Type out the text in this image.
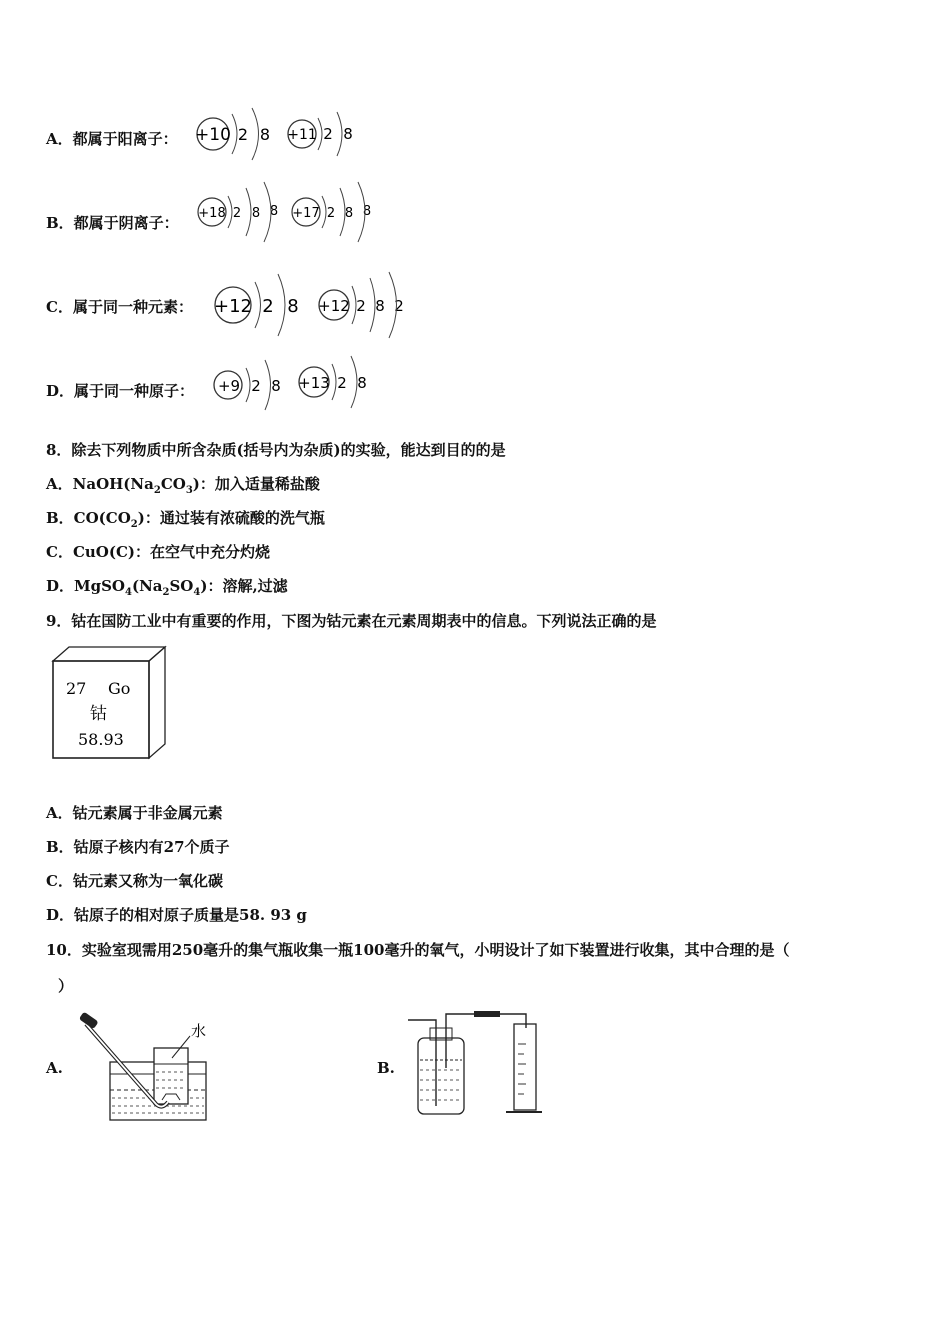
A．都属于阳离子： +10 2 8 +11 2 8
B．都属于阴离子：
+18 2 8 8 +17 2 8 8
C．属于同一种元素： +12 2 8 +12 2 8 2
D．属于同一种原子： +9 2 8 +13 2 8
8．除去下列物质中所含杂质(括号内为杂质)的实验，能达到目的的是
A．$NaOH(Na_2CO_3)$：加入适量稀盐酸
B．$CO(CO_2)$：通过装有浓硫酸的洗气瓶
C．CuO(C)：在空气中充分灼烧
D．$MgSO_4(Na_2SO_4)$：溶解,过滤
9．钴在国防工业中有重要的作用，下图为钴元素在元素周期表中的信息。下列说法正确的是
27 Go
钴
58.93
A．钴元素属于非金属元素
B．钴原子核内有27个质子
C．钴元素又称为一氧化碳
D．钴原子的相对原子质量是58. 93 g
10．实验室现需用250毫升的集气瓶收集一瓶100毫升的氧气，小明设计了如下装置进行收集，其中合理的是（
）
A.
水
B.
